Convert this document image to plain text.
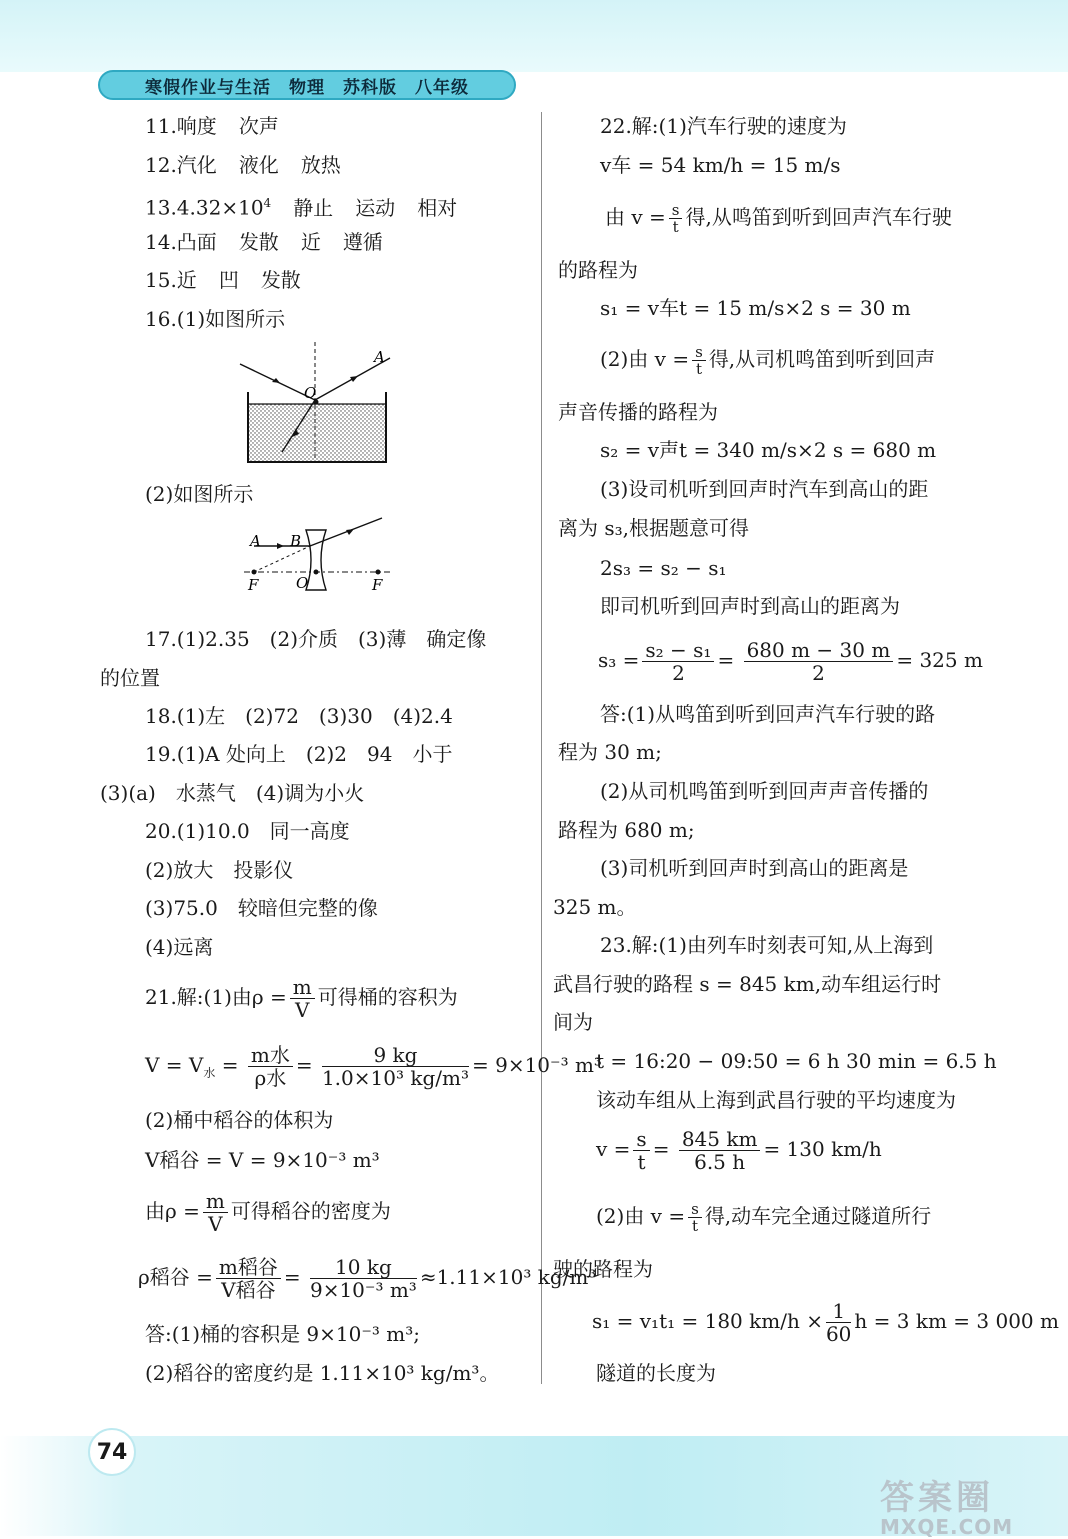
寒假作业与生活 物理 苏科版 八年级
11.响度 次声
12.汽化 液化 放热
$13.4.32\times 10^4$ 静止 运动 相对
14.凸面 发散 近 遵循
15.近 凹 发散
16.(1)如图所示
A
O
(2)如图所示
A B
F	O	F
17.(1)2.35　(2)介质　(3)薄　确定像
的位置
18.(1)左　(2)72　(3)30　(4)2.4
19.(1)A 处向上　(2)2　94　小于
(3)(a)　水蒸气　(4)调为小火
20.(1)10.0　同一高度
(2)放大　投影仪
(3)75.0　较暗但完整的像
(4)远离
21.解:(1)由$\rho = \frac{m}{V}$ 可得桶的容积为
$V = V_水 = \frac{\text{m水}}{\text{ρ水}} = \frac{9 kg}{\text{1.0×10³ kg/m³}} = 9\times 10^{-3}$ m³
(2)桶中稻谷的体积为
V稻谷 = V = 9×10⁻³ m³
由$\rho = \frac{m}{V}$ 可得稻谷的密度为
ρ稻谷 = $\frac{\text{m稻谷}}{\text{V稻谷}} = \frac{10 kg}{\text{9×10⁻³ m³}} \approx 1.11\times 10^3$ kg/m³
答:(1)桶的容积是 9×10⁻³ m³;
(2)稻谷的密度约是 1.11×10³ kg/m³。
22.解:(1)汽车行驶的速度为
v车 = 54 km/h = 15 m/s
由 $v = \frac{s}{t}$ 得,从鸣笛到听到回声汽车行驶
的路程为
s₁ = v车t = 15 m/s×2 s = 30 m
(2)由 $v = \frac{s}{t}$ 得,从司机鸣笛到听到回声
声音传播的路程为
s₂ = v声t = 340 m/s×2 s = 680 m
(3)设司机听到回声时汽车到高山的距
离为 s₃,根据题意可得
2s₃ = s₂ − s₁
即司机听到回声时到高山的距离为
$s_3 = \frac{\text{s₂ − s₁}}{2} = \frac{680 m - 30 m}{2} = 325$ m
答:(1)从鸣笛到听到回声汽车行驶的路
程为 30 m;
(2)从司机鸣笛到听到回声声音传播的
路程为 680 m;
(3)司机听到回声时到高山的距离是
325 m。
23.解:(1)由列车时刻表可知,从上海到
武昌行驶的路程 s = 845 km,动车组运行时
间为
t = 16:20 − 09:50 = 6 h 30 min = 6.5 h
该动车组从上海到武昌行驶的平均速度为
$v = \frac{s}{t} = \frac{845 km}{6.5 h} = 130$ km/h
(2)由 $v = \frac{s}{t}$ 得,动车完全通过隧道所行
驶的路程为
s₁ = v₁t₁ = 180 $km/h \times \frac{1}{60}$ h = 3 km = 3 000 m
隧道的长度为
74
答案圈
MXQE.COM
